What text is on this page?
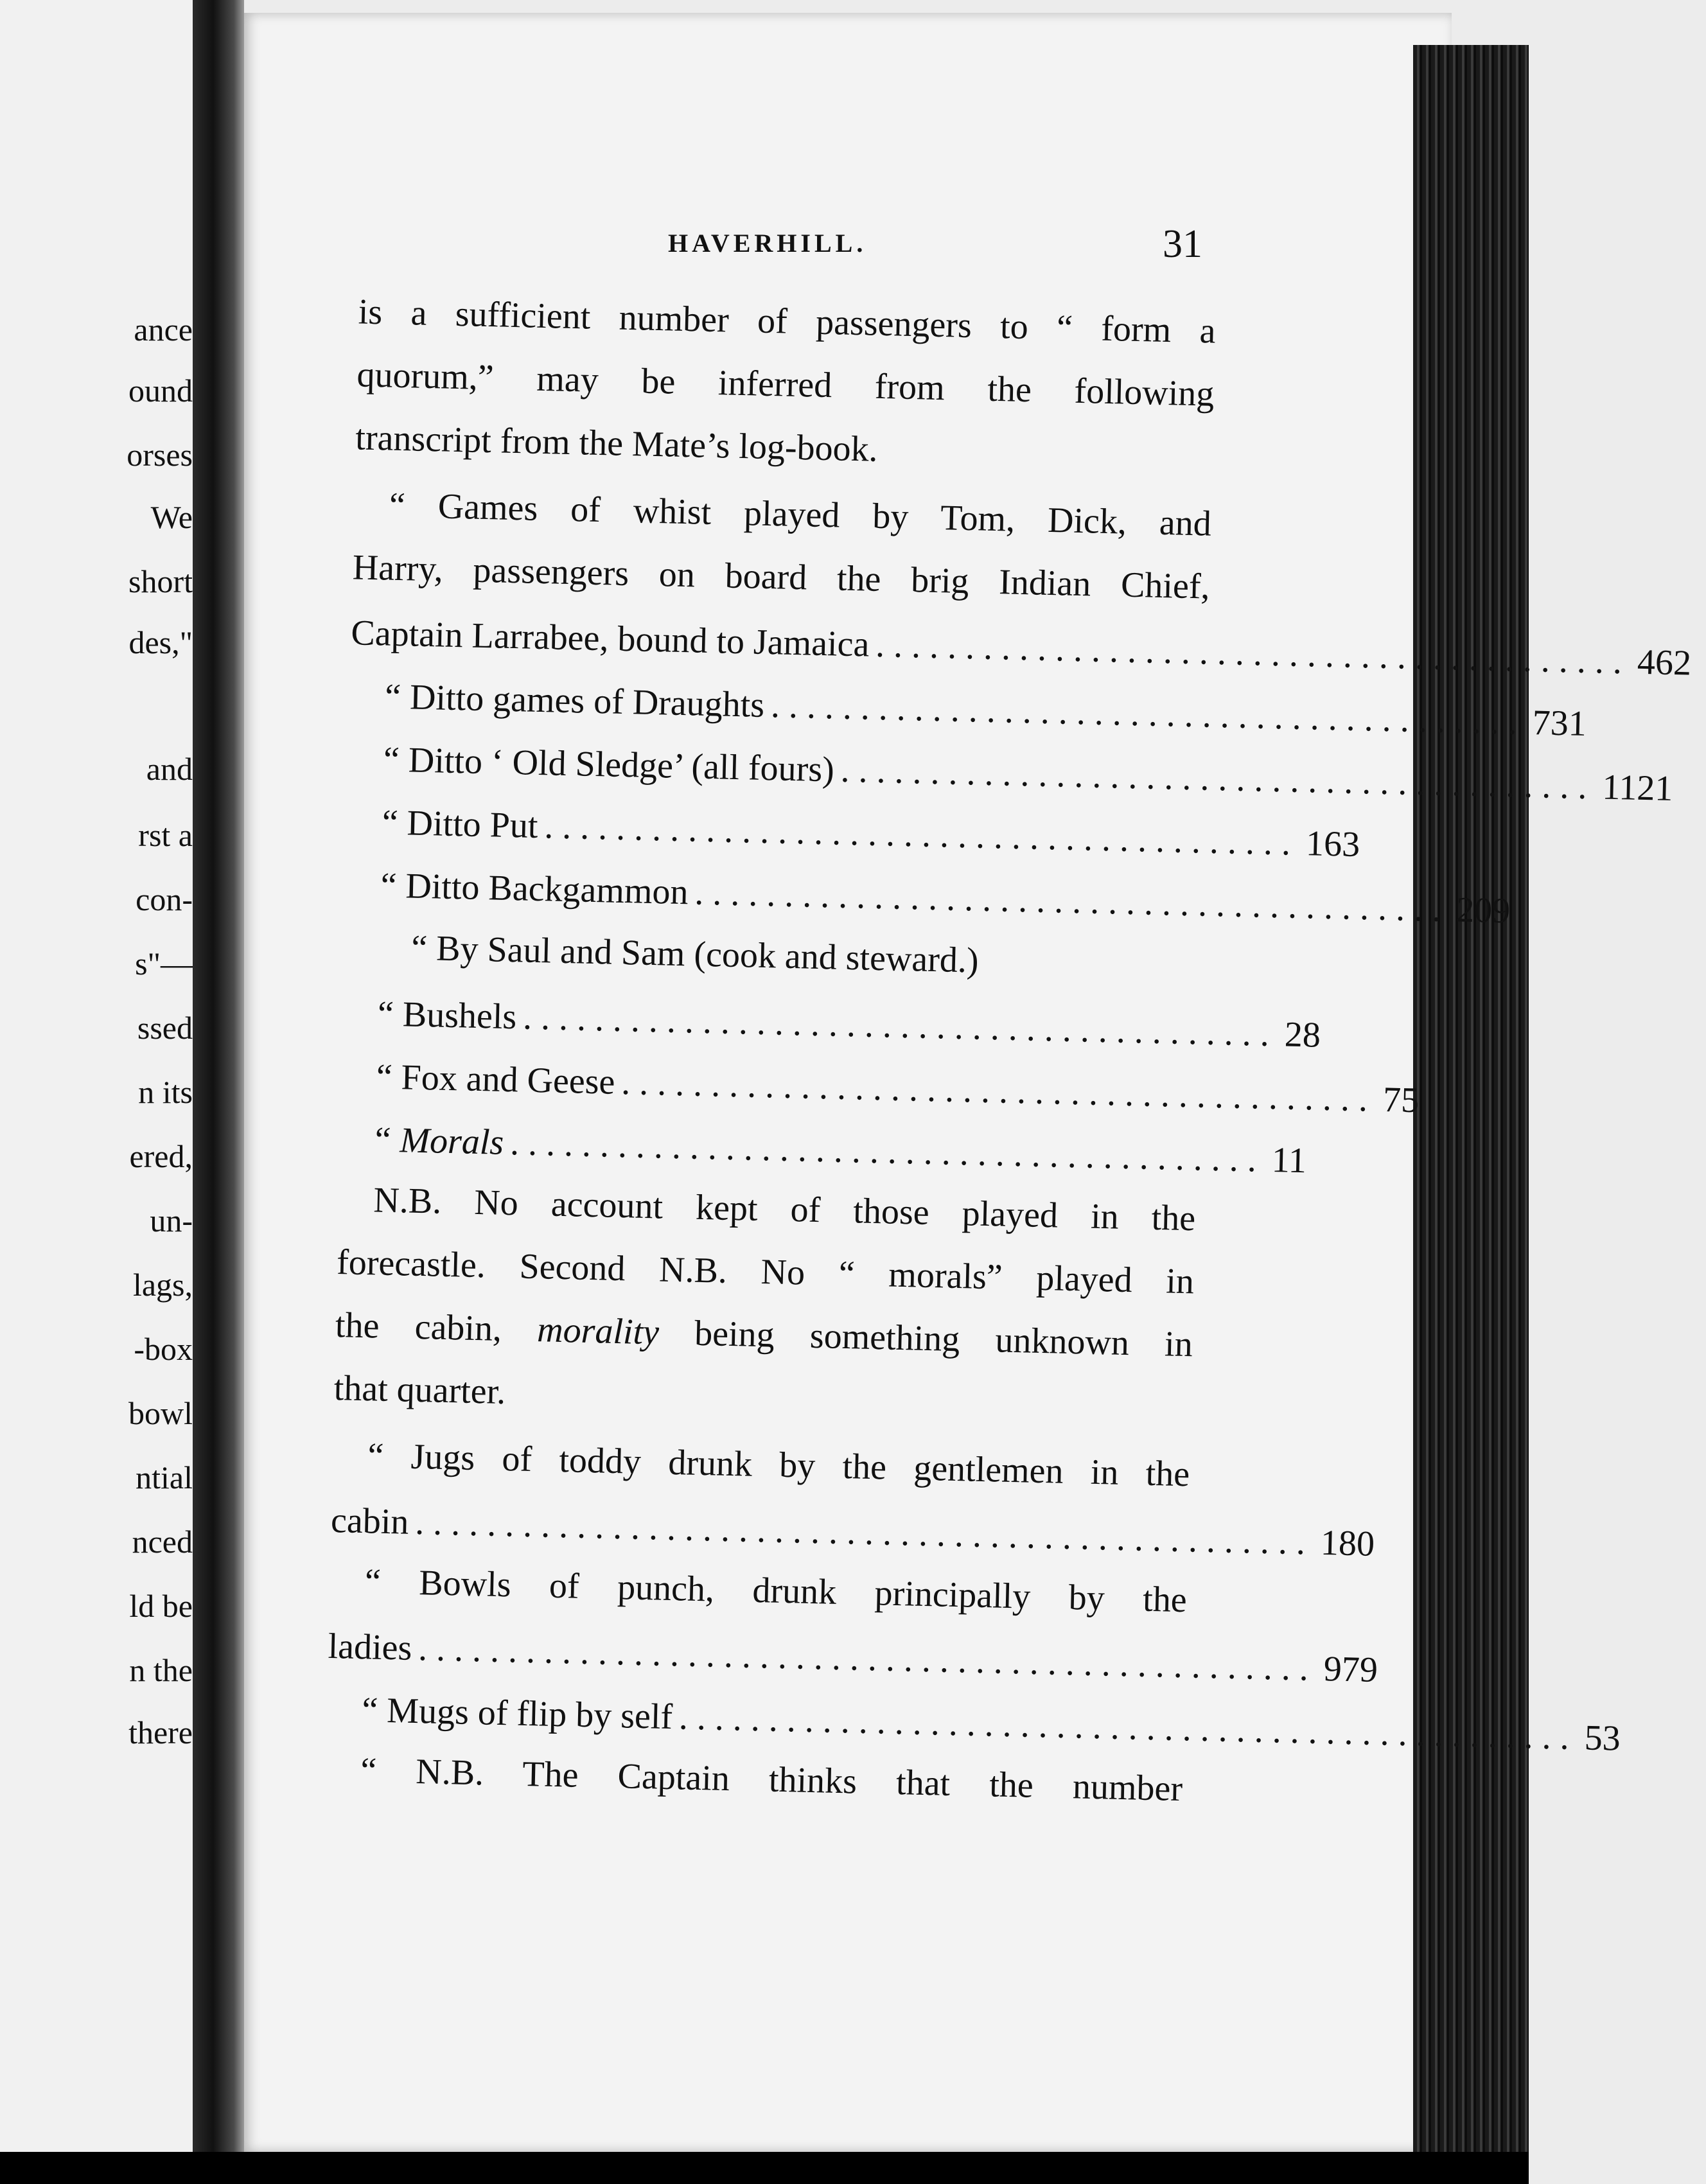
ance
ound
orses
We
short
des,"
and
rst a
con-
s"—
ssed
n its
ered,
un-
lags,
-box
bowl
ntial
nced
ld be
n the
there
HAVERHILL.	31
is a sufficient number of passengers to “ form a
quorum,” may be inferred from the following
transcript from the Mate’s log-book.
“ Games of whist played by Tom, Dick, and
Harry, passengers on board the brig Indian Chief,
Captain Larrabee, bound to Jamaica .......................................... 462
“ Ditto games of Draughts .......................................... 731
“ Ditto ‘ Old Sledge’ (all fours) .......................................... 1121
“ Ditto Put .......................................... 163
“ Ditto Backgammon .......................................... 209
“ By Saul and Sam (cook and steward.)
“ Bushels .......................................... 28
“ Fox and Geese .......................................... 75
“ Morals .......................................... 11
N.B. No account kept of those played in the
forecastle. Second N.B. No “ morals” played in
the cabin, morality being something unknown in
that quarter.
“ Jugs of toddy drunk by the gentlemen in the
cabin .................................................. 180
“ Bowls of punch, drunk principally by the
ladies .................................................. 979
“ Mugs of flip by self .................................................. 53
“ N.B. The Captain thinks that the number
